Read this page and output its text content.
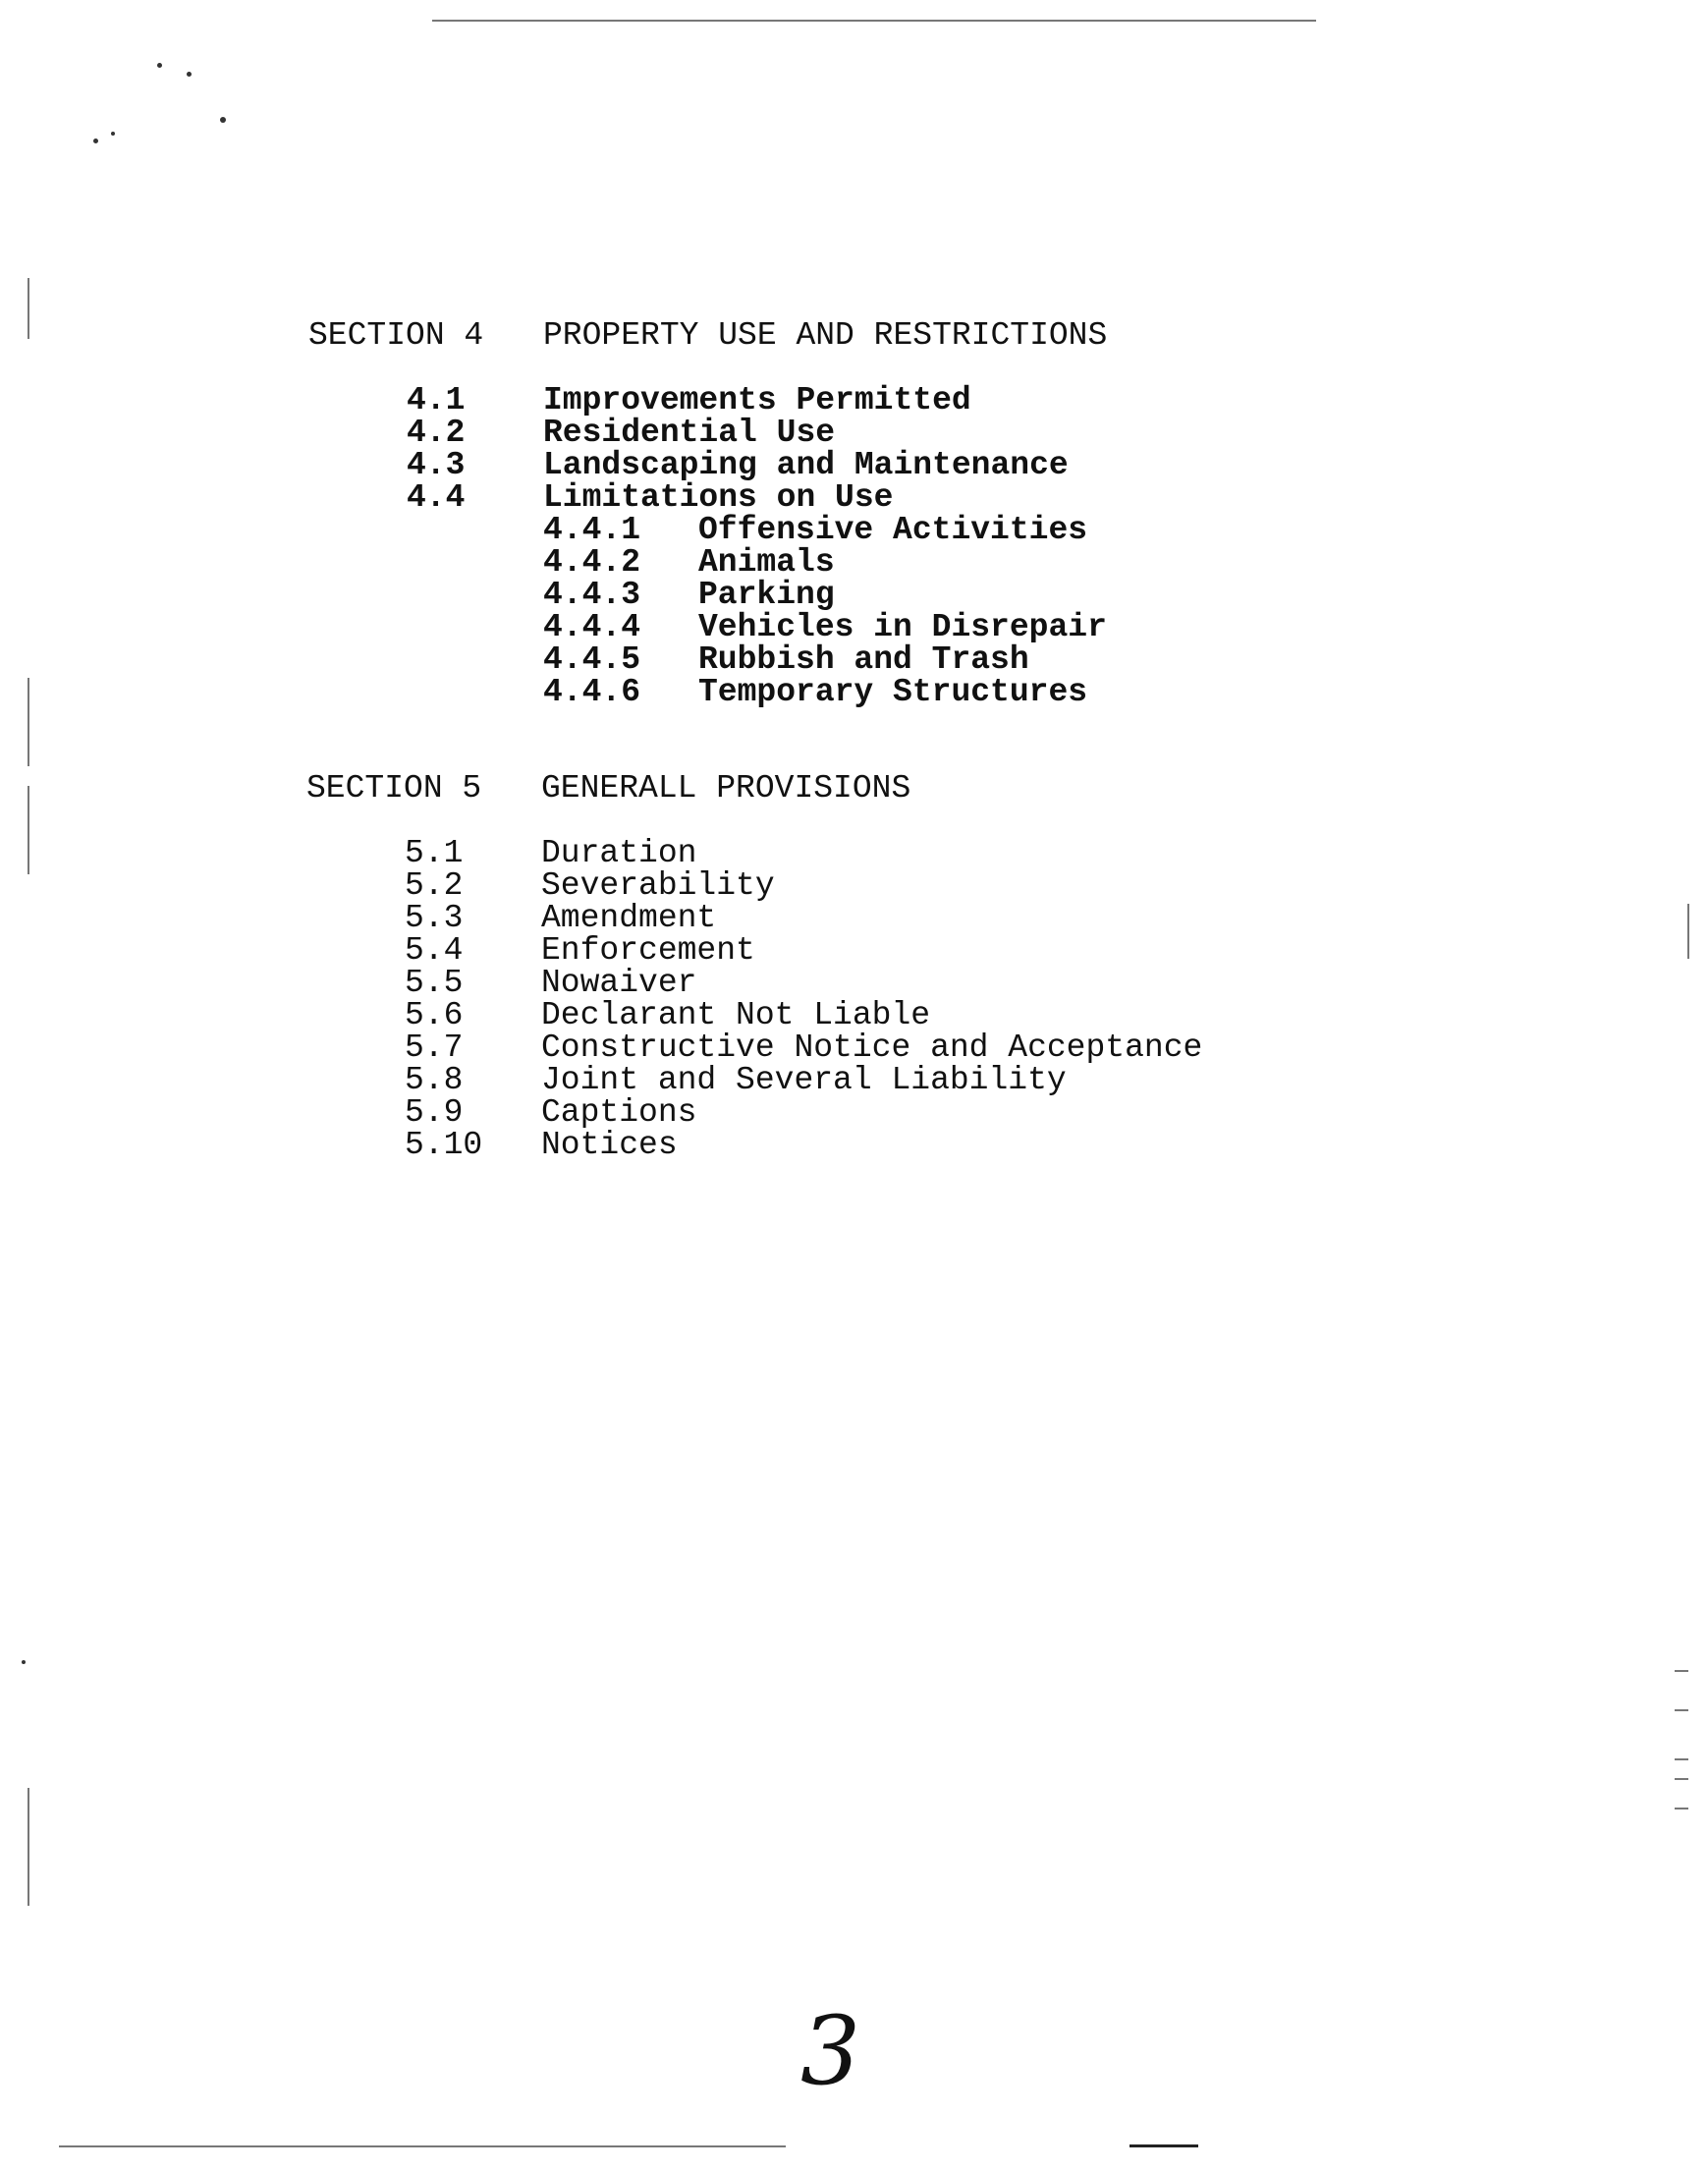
SECTION 4 PROPERTY USE AND RESTRICTIONS
4.1 Improvements Permitted
4.2 Residential Use
4.3 Landscaping and Maintenance
4.4 Limitations on Use
4.4.1 Offensive Activities
4.4.2 Animals
4.4.3 Parking
4.4.4 Vehicles in Disrepair
4.4.5 Rubbish and Trash
4.4.6 Temporary Structures
SECTION 5 GENERALL PROVISIONS
5.1 Duration
5.2 Severability
5.3 Amendment
5.4 Enforcement
5.5 Nowaiver
5.6 Declarant Not Liable
5.7 Constructive Notice and Acceptance
5.8 Joint and Several Liability
5.9 Captions
5.10 Notices
3
